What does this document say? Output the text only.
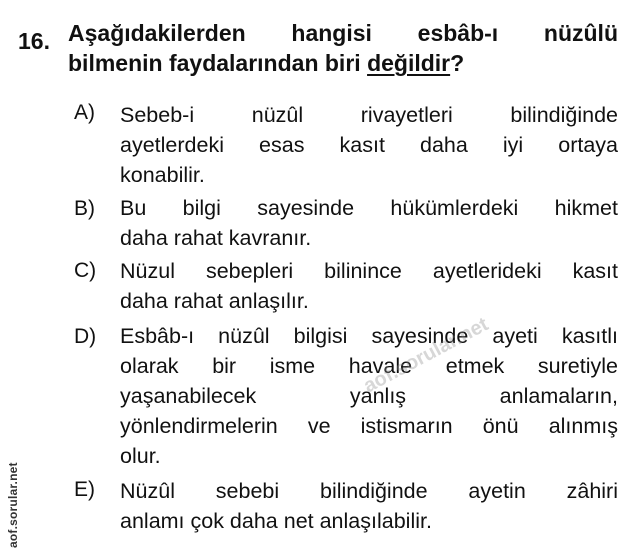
16. Aşağıdakilerden hangisi esbâb-ı nüzûlü
bilmenin faydalarından biri değildir?
A) Sebeb-i nüzûl rivayetleri bilindiğinde
ayetlerdeki esas kasıt daha iyi ortaya
konabilir.
B) Bu bilgi sayesinde hükümlerdeki hikmet
daha rahat kavranır.
C) Nüzul sebepleri bilinince ayetlerideki kasıt
daha rahat anlaşılır.
D) Esbâb-ı nüzûl bilgisi sayesinde ayeti kasıtlı
olarak bir isme havale etmek suretiyle
yaşanabilecek yanlış anlamaların,
yönlendirmelerin ve istismarın önü alınmış
olur.
E) Nüzûl sebebi bilindiğinde ayetin zâhiri
anlamı çok daha net anlaşılabilir.
aof.sorular.net
aof.sorular.net
